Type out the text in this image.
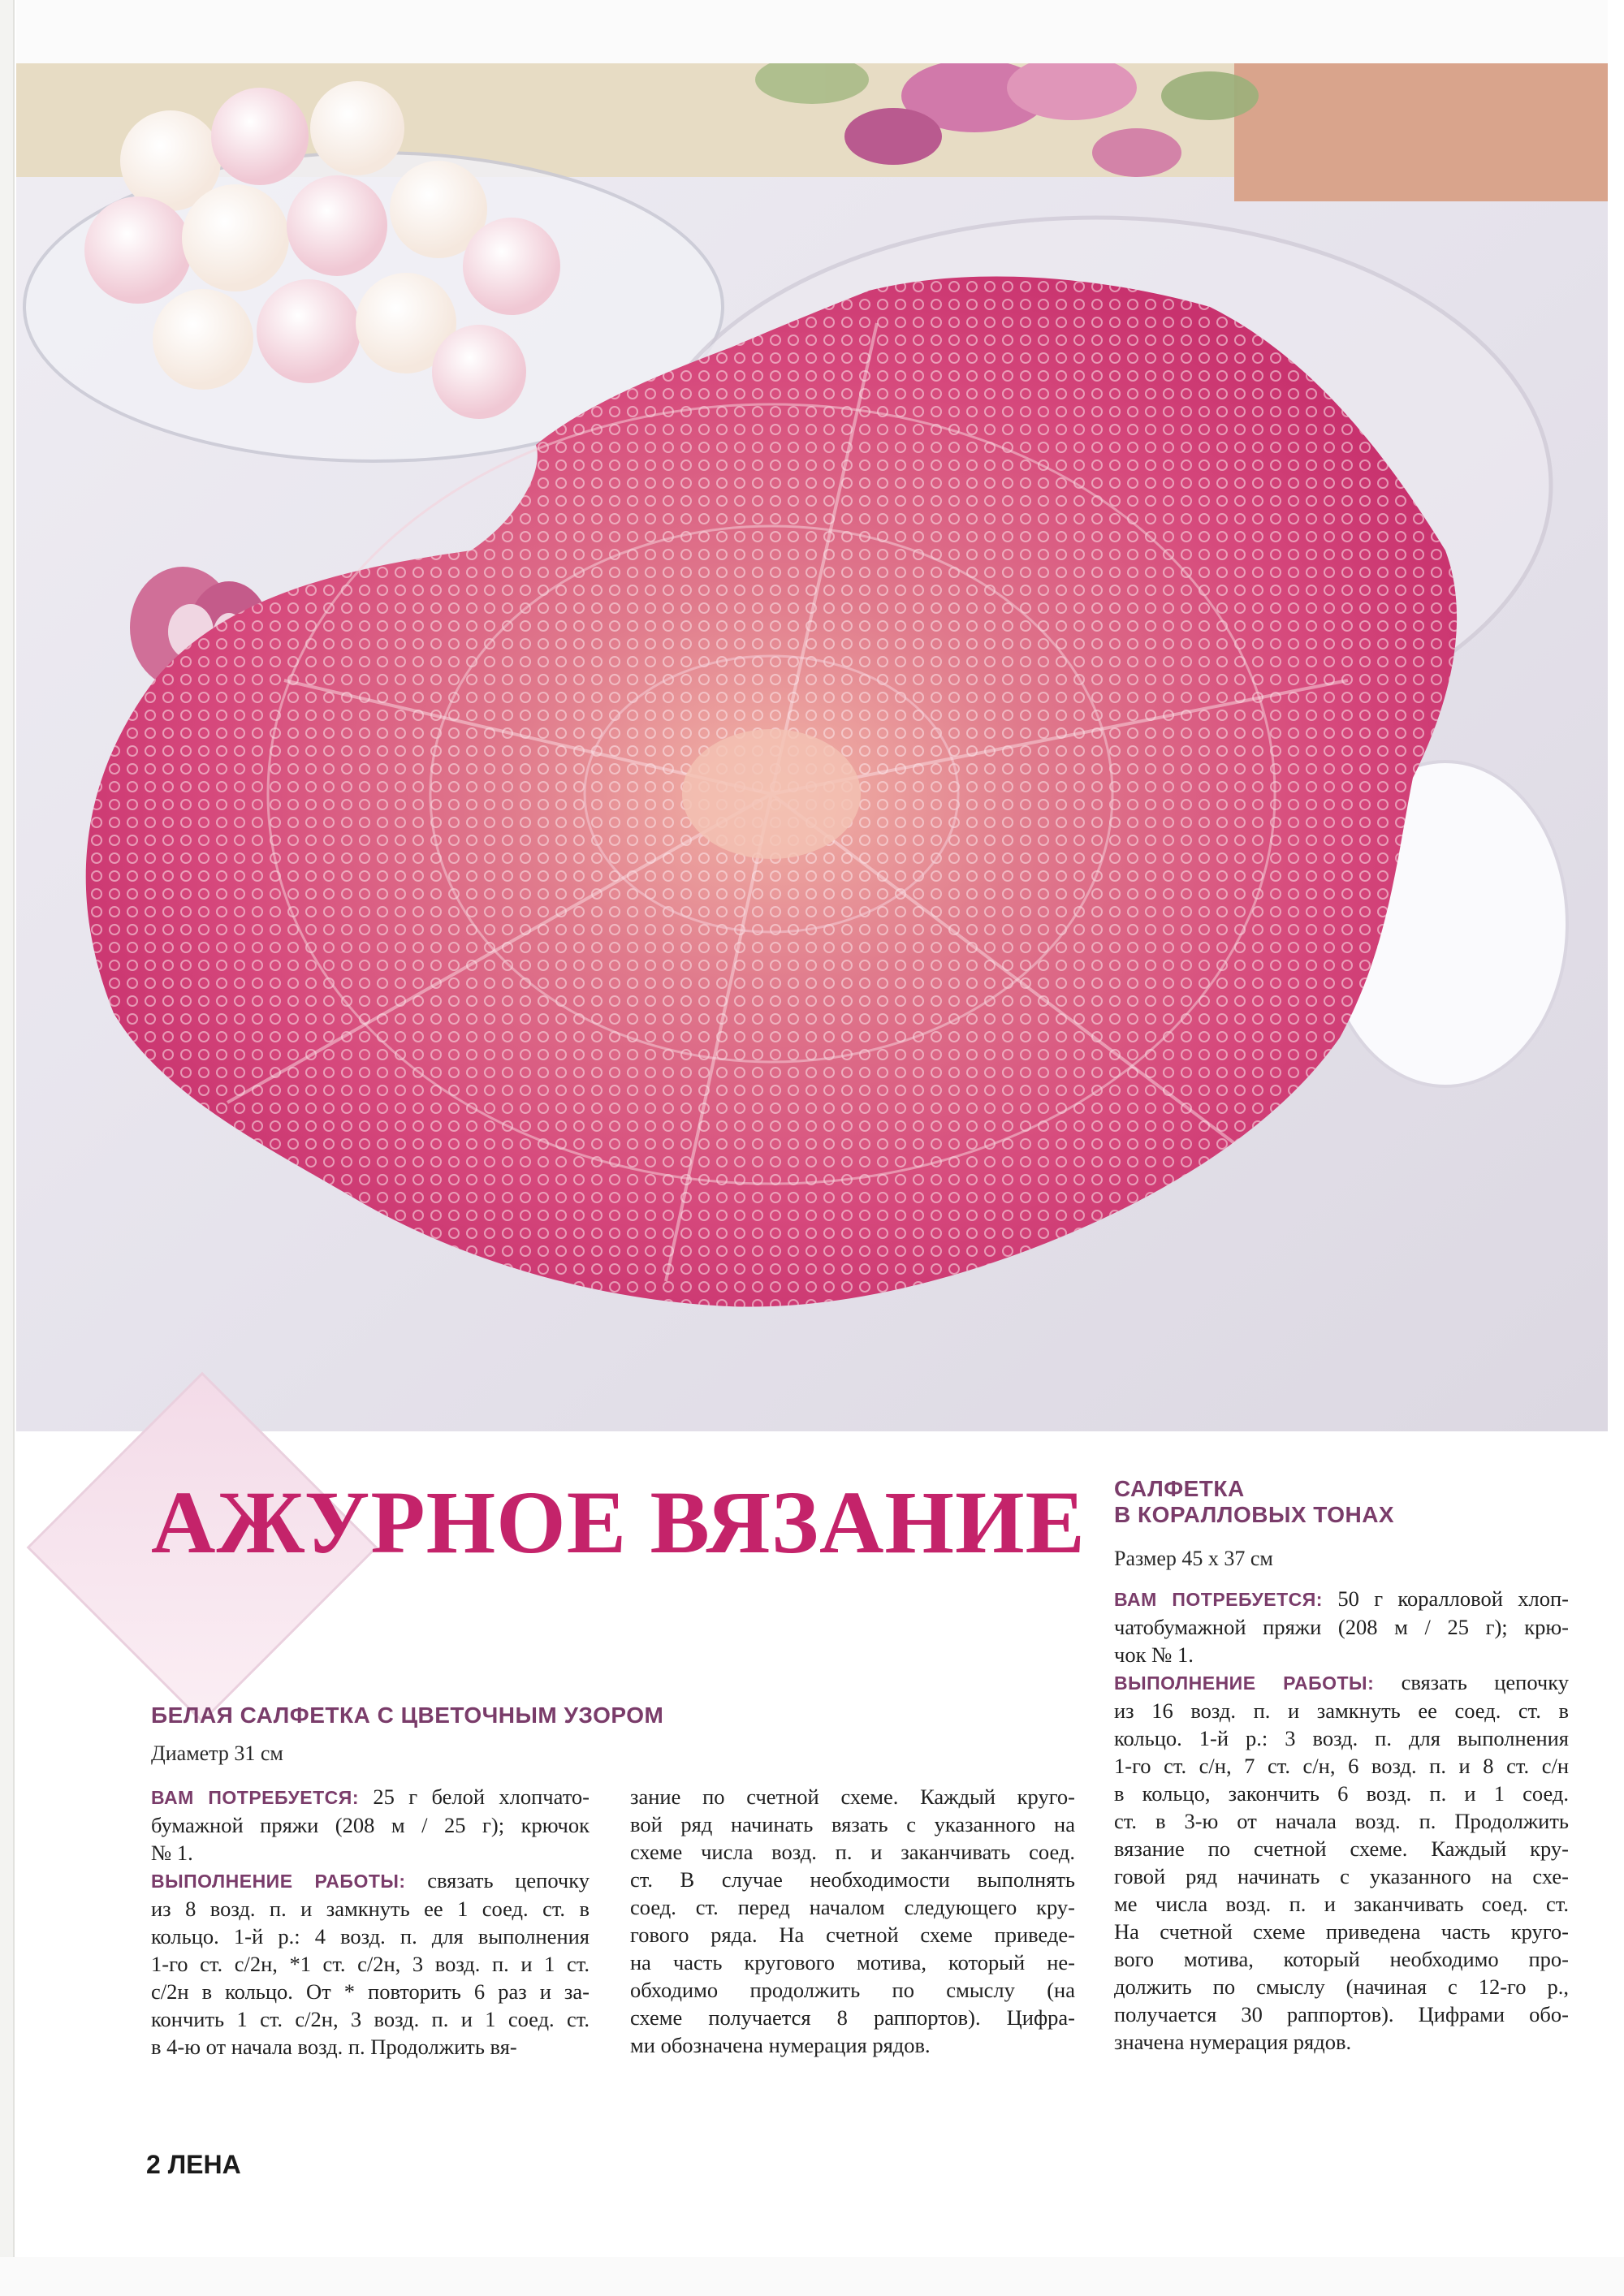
АЖУРНОЕ ВЯЗАНИЕ САЛФЕТКА
В КОРАЛЛОВЫХ ТОНАХ
Размер 45 х 37 см
ВАМ ПОТРЕБУЕТСЯ: 50 г коралловой хлоп-
чатобумажной пряжи (208 м / 25 г); крю-
чок № 1.
ВЫПОЛНЕНИЕ РАБОТЫ: связать цепочку
из 16 возд. п. и замкнуть ее соед. ст. в
кольцо. 1-й р.: 3 возд. п. для выполнения
1-го ст. с/н, 7 ст. с/н, 6 возд. п. и 8 ст. с/н
в кольцо, закончить 6 возд. п. и 1 соед.
ст. в 3-ю от начала возд. п. Продолжить
вязание по счетной схеме. Каждый кру-
говой ряд начинать с указанного на схе-
ме числа возд. п. и заканчивать соед. ст.
На счетной схеме приведена часть круго-
вого мотива, который необходимо про-
должить по смыслу (начиная с 12-го р.,
получается 30 раппортов). Цифрами обо-
значена нумерация рядов.
БЕЛАЯ САЛФЕТКА С ЦВЕТОЧНЫМ УЗОРОМ
Диаметр 31 см
ВАМ ПОТРЕБУЕТСЯ: 25 г белой хлопчато-
бумажной пряжи (208 м / 25 г); крючок
№ 1.
ВЫПОЛНЕНИЕ РАБОТЫ: связать цепочку
из 8 возд. п. и замкнуть ее 1 соед. ст. в
кольцо. 1-й р.: 4 возд. п. для выполнения
1-го ст. с/2н, *1 ст. с/2н, 3 возд. п. и 1 ст.
с/2н в кольцо. От * повторить 6 раз и за-
кончить 1 ст. с/2н, 3 возд. п. и 1 соед. ст.
в 4-ю от начала возд. п. Продолжить вя-
зание по счетной схеме. Каждый круго-
вой ряд начинать вязать с указанного на
схеме числа возд. п. и заканчивать соед.
ст. В случае необходимости выполнять
соед. ст. перед началом следующего кру-
гового ряда. На счетной схеме приведе-
на часть кругового мотива, который не-
обходимо продолжить по смыслу (на
схеме получается 8 раппортов). Цифра-
ми обозначена нумерация рядов.
2 ЛЕНА
